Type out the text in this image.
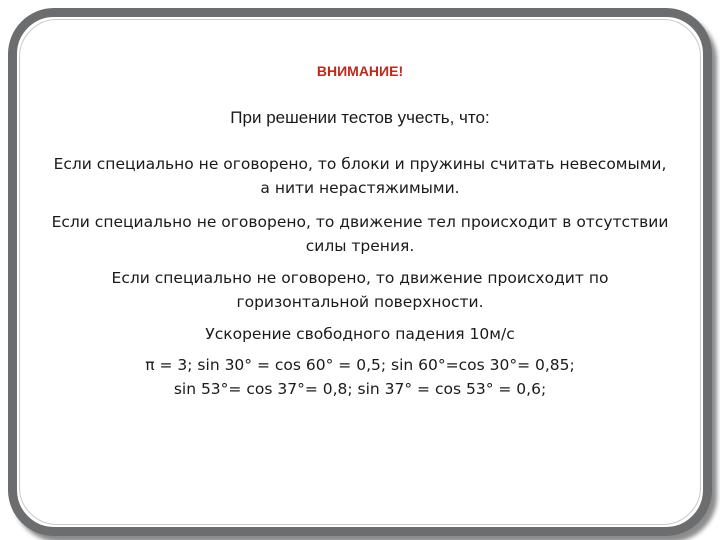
ВНИМАНИЕ!
При решении тестов учесть, что:
Если специально не оговорено, то блоки и пружины считать невесомыми,
а нити нерастяжимыми.
Если специально не оговорено, то движение тел происходит в отсутствии
силы трения.
Если специально не оговорено, то движение происходит по
горизонтальной поверхности.
Ускорение свободного падения 10м/с
π = 3; sin 30° = cos 60° = 0,5; sin 60°=cos 30°= 0,85;
sin 53°= cos 37°= 0,8; sin 37° = cos 53° = 0,6;
